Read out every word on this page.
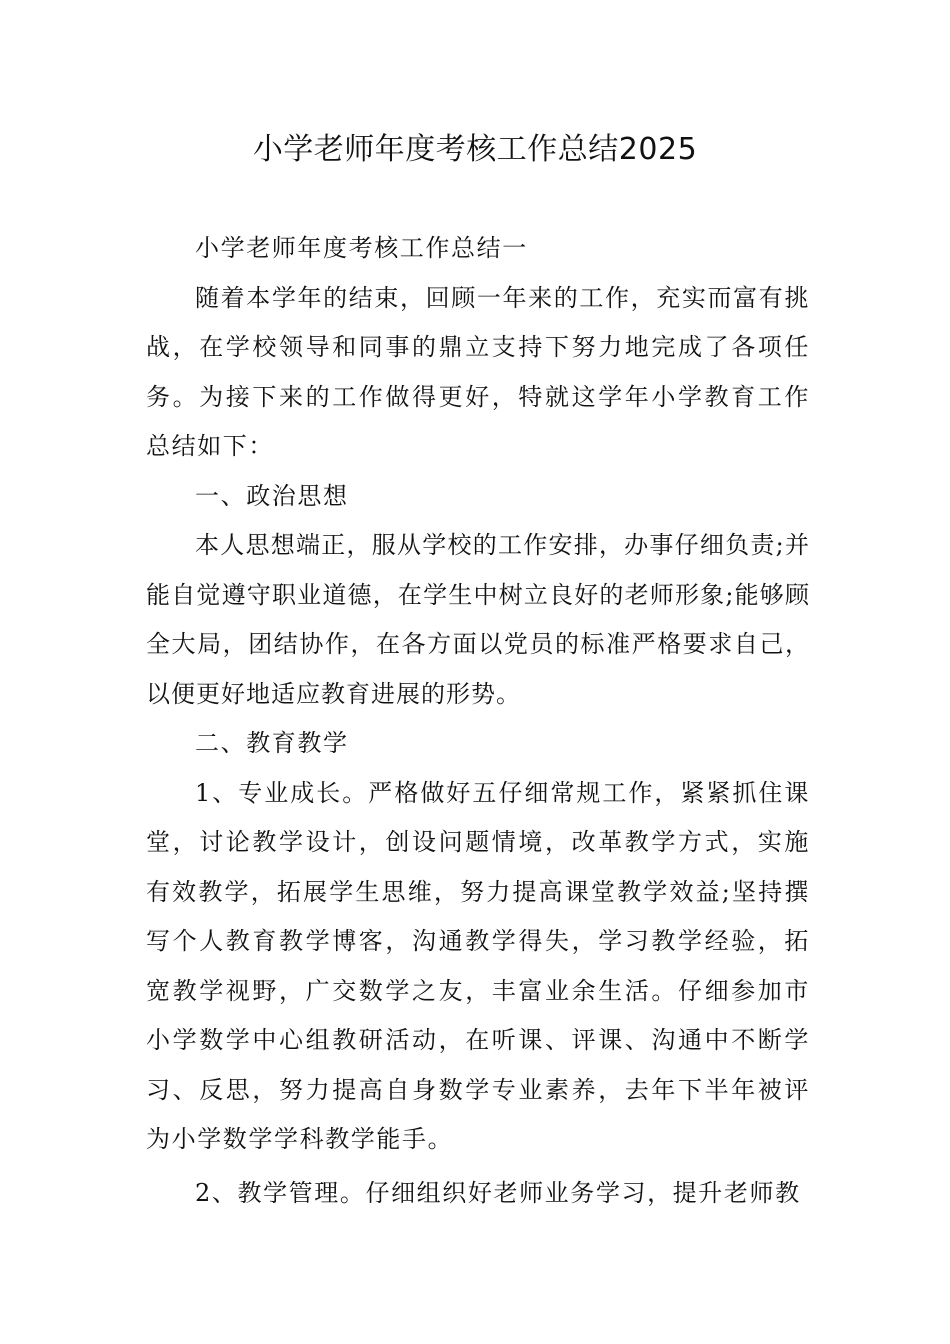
小学老师年度考核工作总结2025

小学老师年度考核工作总结一

随着本学年的结束，回顾一年来的工作，充实而富有挑战，在学校领导和同事的鼎立支持下努力地完成了各项任务。为接下来的工作做得更好，特就这学年小学教育工作总结如下：

一、政治思想

本人思想端正，服从学校的工作安排，办事仔细负责;并能自觉遵守职业道德，在学生中树立良好的老师形象;能够顾全大局，团结协作，在各方面以党员的标准严格要求自己，以便更好地适应教育进展的形势。

二、教育教学

1、专业成长。严格做好五仔细常规工作，紧紧抓住课堂，讨论教学设计，创设问题情境，改革教学方式，实施有效教学，拓展学生思维，努力提高课堂教学效益;坚持撰写个人教育教学博客，沟通教学得失，学习教学经验，拓宽教学视野，广交数学之友，丰富业余生活。仔细参加市小学数学中心组教研活动，在听课、评课、沟通中不断学习、反思，努力提高自身数学专业素养，去年下半年被评为小学数学学科教学能手。

2、教学管理。仔细组织好老师业务学习，提升老师教
